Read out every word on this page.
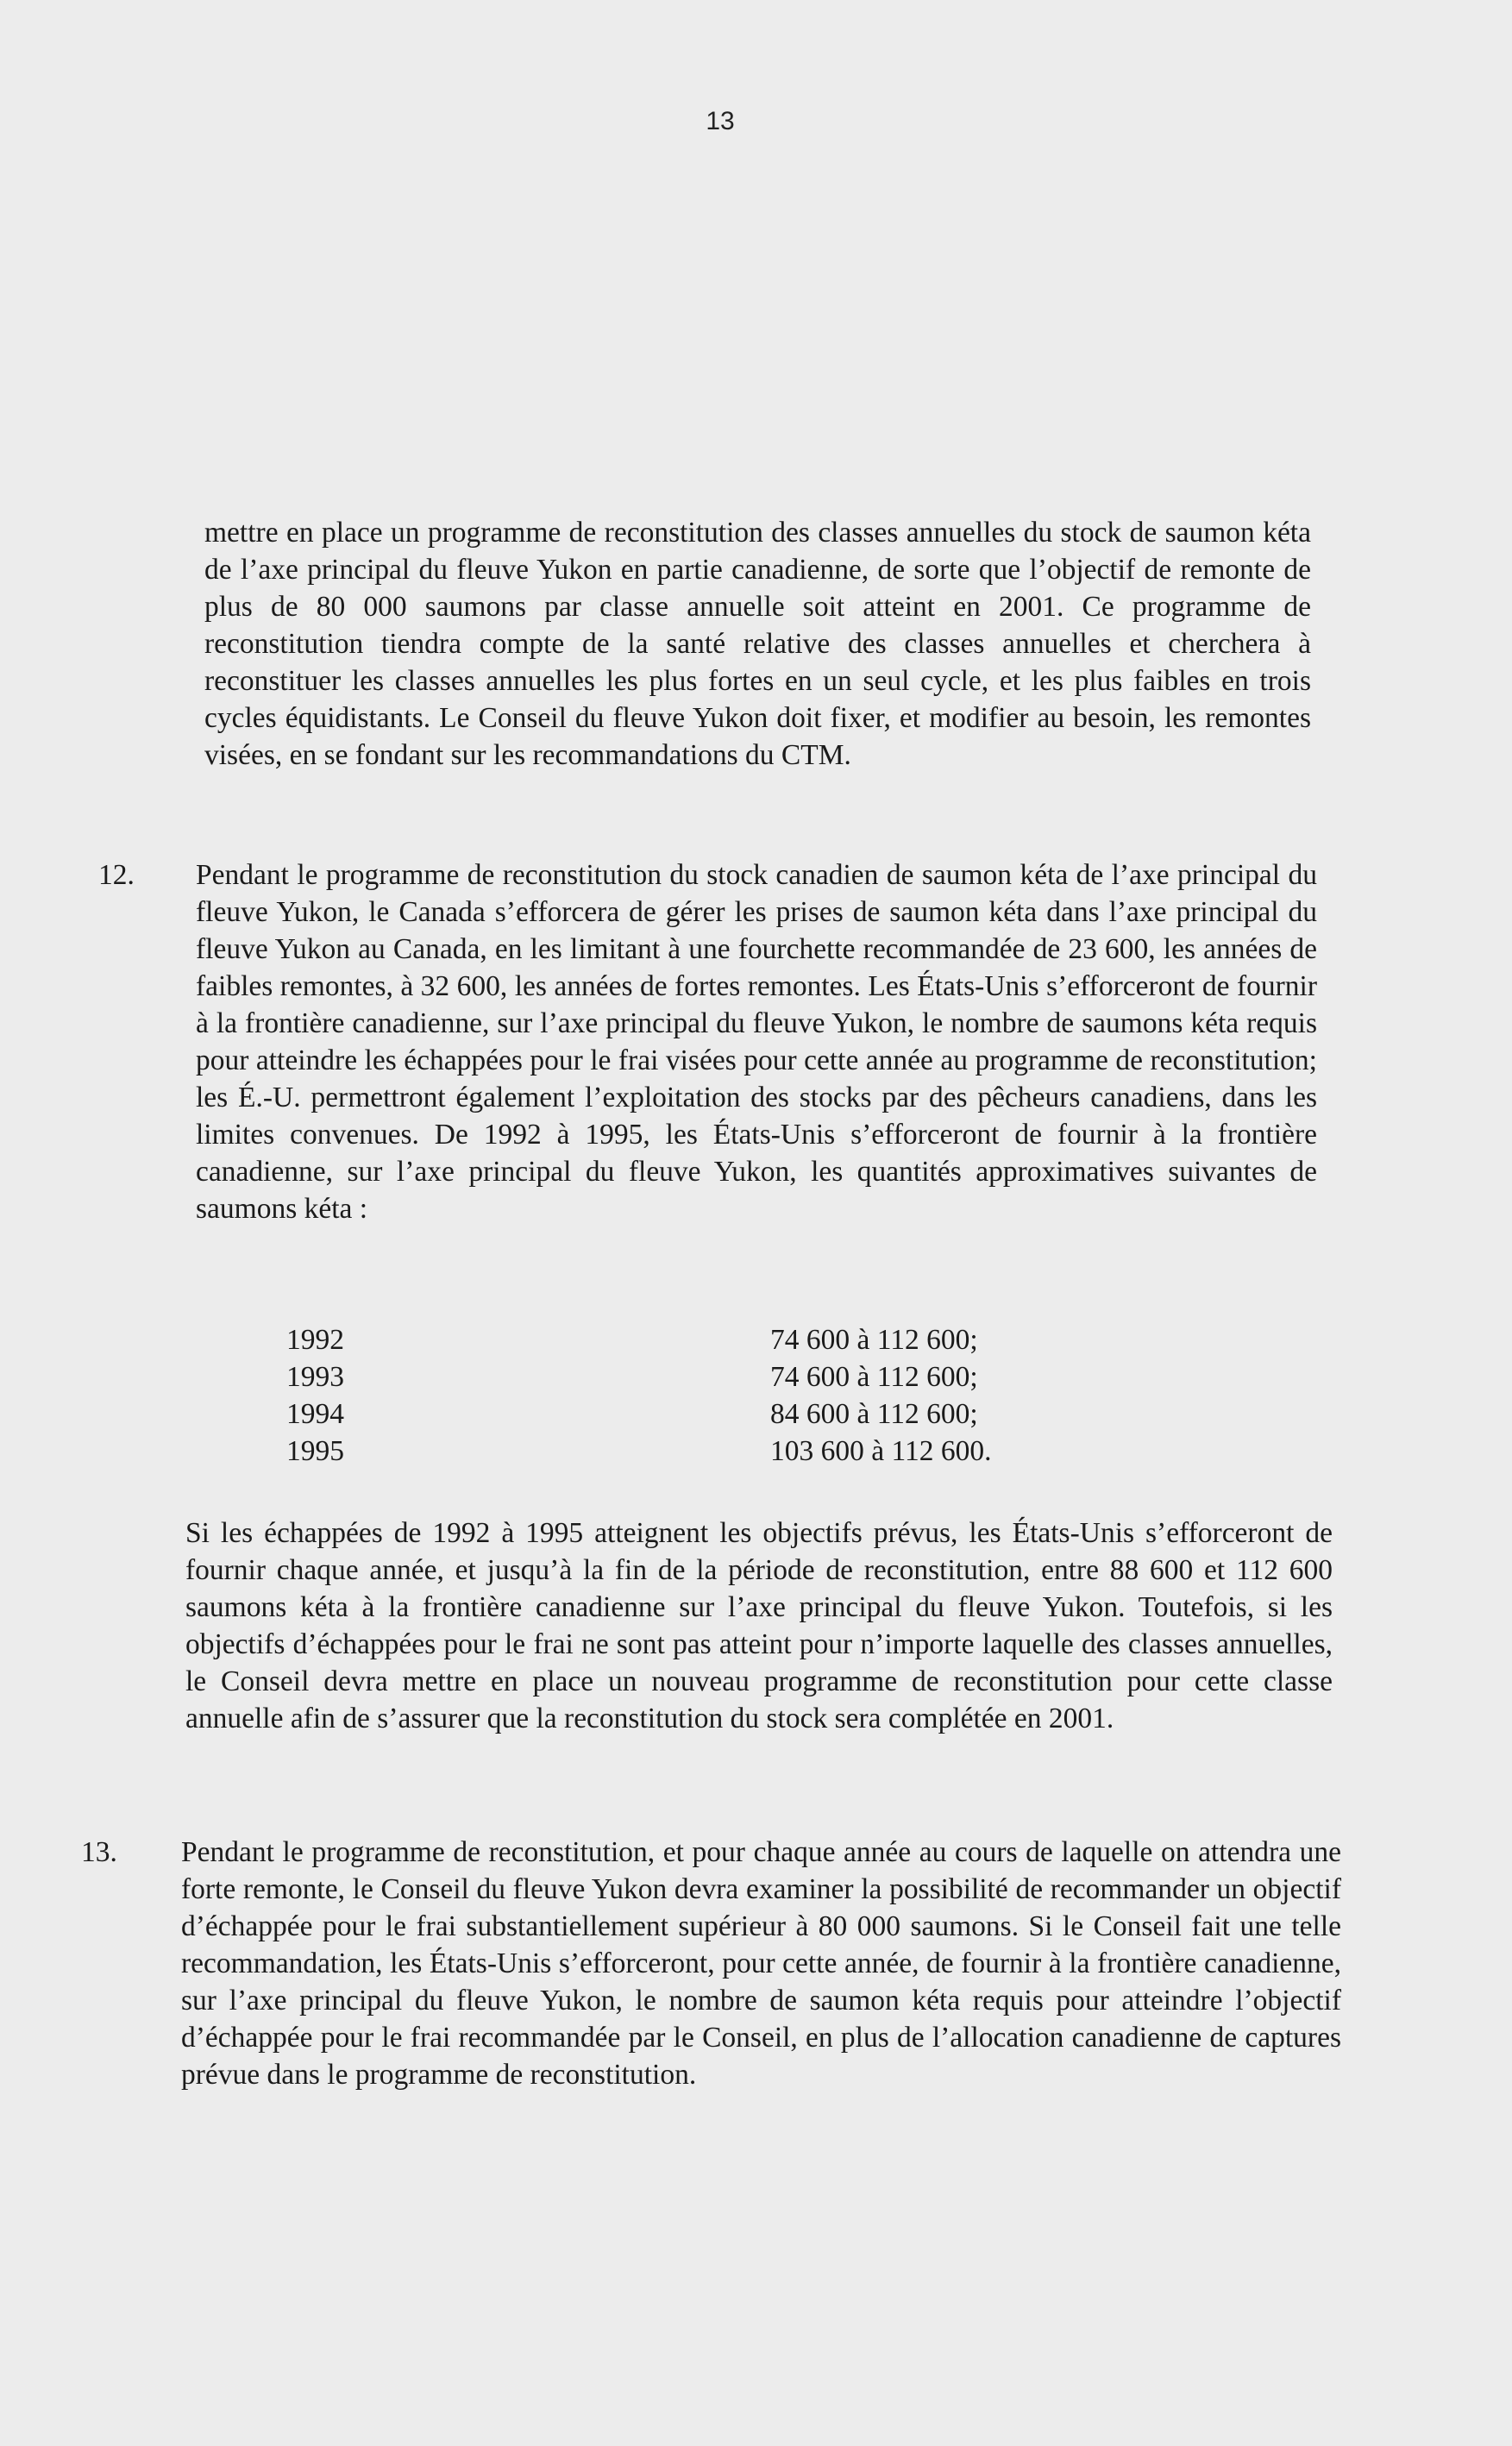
13

mettre en place un programme de reconstitution des classes annuelles du stock de saumon kéta de l’axe principal du fleuve Yukon en partie canadienne, de sorte que l’objectif de remonte de plus de 80 000 saumons par classe annuelle soit atteint en 2001. Ce programme de reconstitution tiendra compte de la santé relative des classes annuelles et cherchera à reconstituer les classes annuelles les plus fortes en un seul cycle, et les plus faibles en trois cycles équidistants. Le Conseil du fleuve Yukon doit fixer, et modifier au besoin, les remontes visées, en se fondant sur les recommandations du CTM.

12. Pendant le programme de reconstitution du stock canadien de saumon kéta de l’axe principal du fleuve Yukon, le Canada s’efforcera de gérer les prises de saumon kéta dans l’axe principal du fleuve Yukon au Canada, en les limitant à une fourchette recommandée de 23 600, les années de faibles remontes, à 32 600, les années de fortes remontes. Les États-Unis s’efforceront de fournir à la frontière canadienne, sur l’axe principal du fleuve Yukon, le nombre de saumons kéta requis pour atteindre les échappées pour le frai visées pour cette année au programme de reconstitution; les É.-U. permettront également l’exploitation des stocks par des pêcheurs canadiens, dans les limites convenues. De 1992 à 1995, les États-Unis s’efforceront de fournir à la frontière canadienne, sur l’axe principal du fleuve Yukon, les quantités approximatives suivantes de saumons kéta :

1992	74 600 à 112 600;
1993	74 600 à 112 600;
1994	84 600 à 112 600;
1995	103 600 à 112 600.

Si les échappées de 1992 à 1995 atteignent les objectifs prévus, les États-Unis s’efforceront de fournir chaque année, et jusqu’à la fin de la période de reconstitution, entre 88 600 et 112 600 saumons kéta à la frontière canadienne sur l’axe principal du fleuve Yukon. Toutefois, si les objectifs d’échappées pour le frai ne sont pas atteint pour n’importe laquelle des classes annuelles, le Conseil devra mettre en place un nouveau programme de reconstitution pour cette classe annuelle afin de s’assurer que la reconstitution du stock sera complétée en 2001.

13. Pendant le programme de reconstitution, et pour chaque année au cours de laquelle on attendra une forte remonte, le Conseil du fleuve Yukon devra examiner la possibilité de recommander un objectif d’échappée pour le frai substantiellement supérieur à 80 000 saumons. Si le Conseil fait une telle recommandation, les États-Unis s’efforceront, pour cette année, de fournir à la frontière canadienne, sur l’axe principal du fleuve Yukon, le nombre de saumon kéta requis pour atteindre l’objectif d’échappée pour le frai recommandée par le Conseil, en plus de l’allocation canadienne de captures prévue dans le programme de reconstitution.
